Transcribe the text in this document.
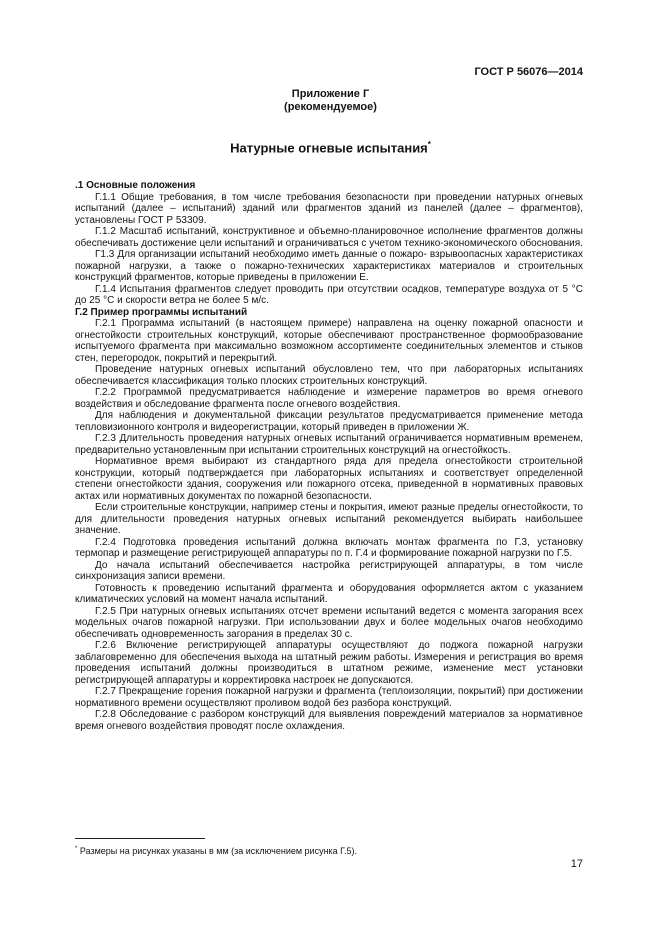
ГОСТ Р 56076—2014
Приложение Г
(рекомендуемое)
Натурные огневые испытания*

.1 Основные положения

Г.1.1 Общие требования, в том числе требования безопасности при проведении натурных огневых испытаний (далее – испытаний) зданий или фрагментов зданий из панелей (далее – фрагментов), установлены ГОСТ Р 53309.

Г.1.2 Масштаб испытаний, конструктивное и объемно-планировочное исполнение фрагментов должны обеспечивать достижение цели испытаний и ограничиваться с учетом технико-экономического обоснования.

Г1.3 Для организации испытаний необходимо иметь данные о пожаро- взрывоопасных характеристиках пожарной нагрузки, а также о пожарно-технических характеристиках материалов и строительных конструкций фрагментов, которые приведены в приложении Е.

Г.1.4 Испытания фрагментов следует проводить при отсутствии осадков, температуре воздуха от 5 °С до 25 °С и скорости ветра не более 5 м/с.

Г.2 Пример программы испытаний

Г.2.1 Программа испытаний (в настоящем примере) направлена на оценку пожарной опасности и огнестойкости строительных конструкций, которые обеспечивают пространственное формообразование испытуемого фрагмента при максимально возможном ассортименте соединительных элементов и стыков стен, перегородок, покрытий и перекрытий.

Проведение натурных огневых испытаний обусловлено тем, что при лабораторных испытаниях обеспечивается классификация только плоских строительных конструкций.

Г.2.2 Программой предусматривается наблюдение и измерение параметров во время огневого воздействия и обследование фрагмента после огневого воздействия.

Для наблюдения и документальной фиксации результатов предусматривается применение метода тепловизионного контроля и видеорегистрации, который приведен в приложении Ж.

Г.2.3 Длительность проведения натурных огневых испытаний ограничивается нормативным временем, предварительно установленным при испытании строительных конструкций на огнестойкость.

Нормативное время выбирают из стандартного ряда для предела огнестойкости строительной конструкции, который подтверждается при лабораторных испытаниях и соответствует определенной степени огнестойкости здания, сооружения или пожарного отсека, приведенной в нормативных правовых актах или нормативных документах по пожарной безопасности.

Если строительные конструкции, например стены и покрытия, имеют разные пределы огнестойкости, то для длительности проведения натурных огневых испытаний рекомендуется выбирать наибольшее значение.

Г.2.4 Подготовка проведения испытаний должна включать монтаж фрагмента по Г.3, установку термопар и размещение регистрирующей аппаратуры по п. Г.4 и формирование пожарной нагрузки по Г.5.

До начала испытаний обеспечивается настройка регистрирующей аппаратуры, в том числе синхронизация записи времени.

Готовность к проведению испытаний фрагмента и оборудования оформляется актом с указанием климатических условий на момент начала испытаний.

Г.2.5 При натурных огневых испытаниях отсчет времени испытаний ведется с момента загорания всех модельных очагов пожарной нагрузки. При использовании двух и более модельных очагов необходимо обеспечивать одновременность загорания в пределах 30 с.

Г.2.6 Включение регистрирующей аппаратуры осуществляют до поджога пожарной нагрузки заблаговременно для обеспечения выхода на штатный режим работы. Измерения и регистрация во время проведения испытаний должны производиться в штатном режиме, изменение мест установки регистрирующей аппаратуры и корректировка настроек не допускаются.

Г.2.7 Прекращение горения пожарной нагрузки и фрагмента (теплоизоляции, покрытий) при достижении нормативного времени осуществляют проливом водой без разбора конструкций.

Г.2.8 Обследование с разбором конструкций для выявления повреждений материалов за нормативное время огневого воздействия проводят после охлаждения.

* Размеры на рисунках указаны в мм (за исключением рисунка Г.5).
17
